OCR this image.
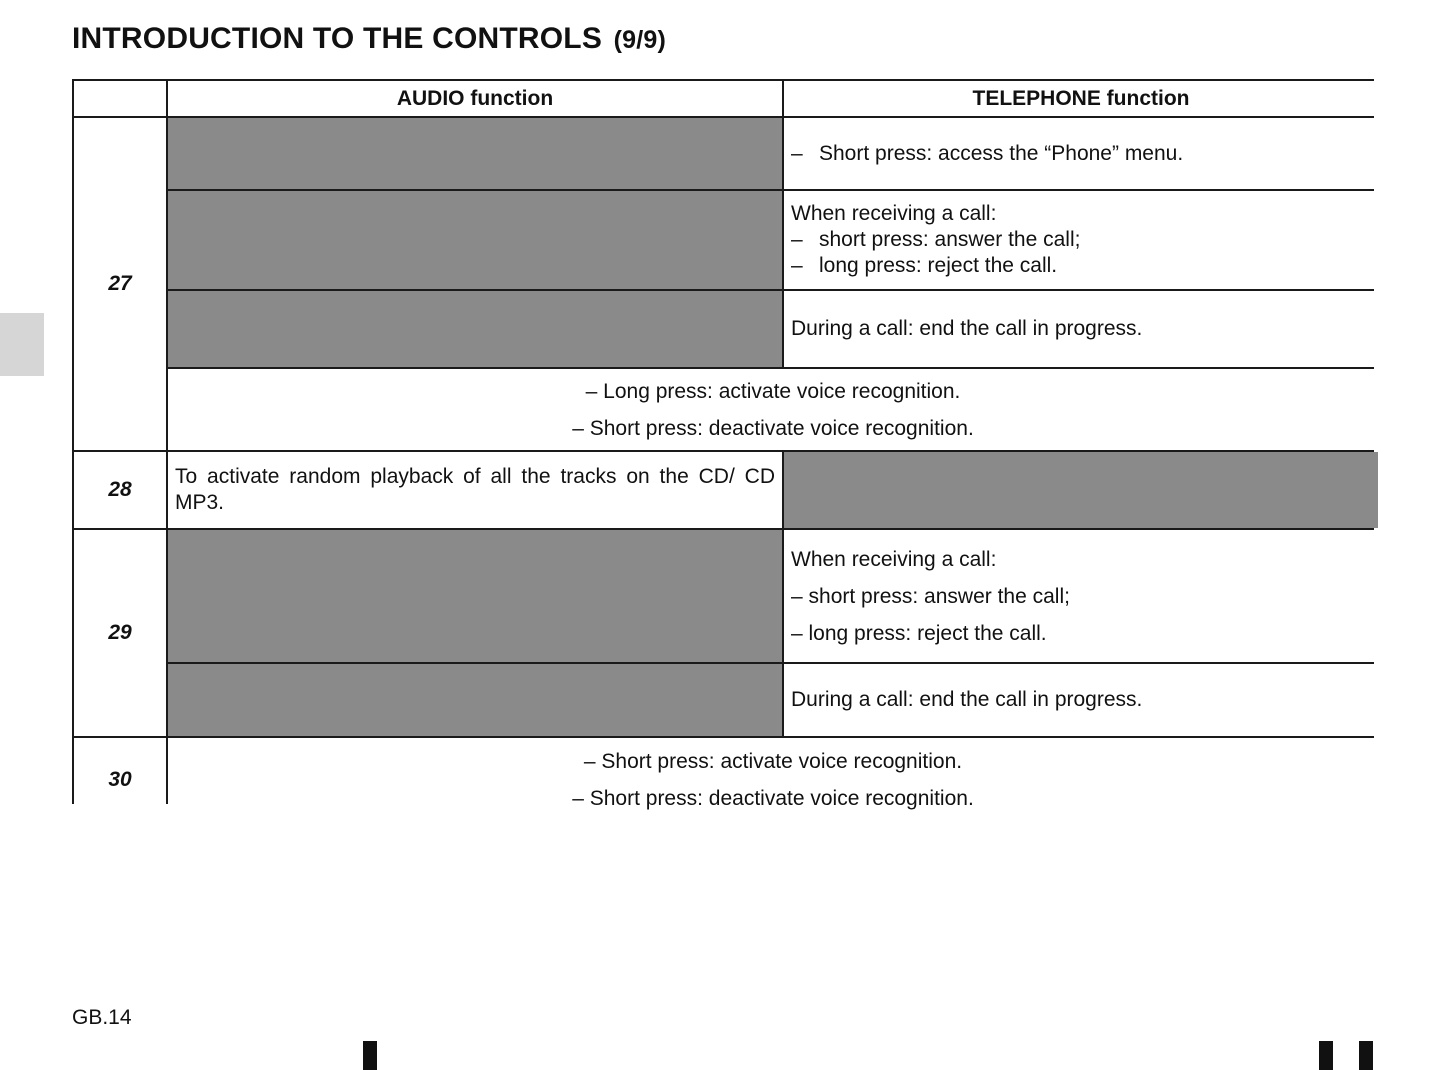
INTRODUCTION TO THE CONTROLS (9/9)
AUDIO function	TELEPHONE function
27
– Short press: access the “Phone” menu.
When receiving a call:
– short press: answer the call;
– long press: reject the call.
During a call: end the call in progress.
– Long press: activate voice recognition.
– Short press: deactivate voice recognition.
28
To activate random playback of all the tracks on the CD/ CD MP3.
29
When receiving a call:
– short press: answer the call;
– long press: reject the call.
During a call: end the call in progress.
30
– Short press: activate voice recognition.
– Short press: deactivate voice recognition.
GB.14
